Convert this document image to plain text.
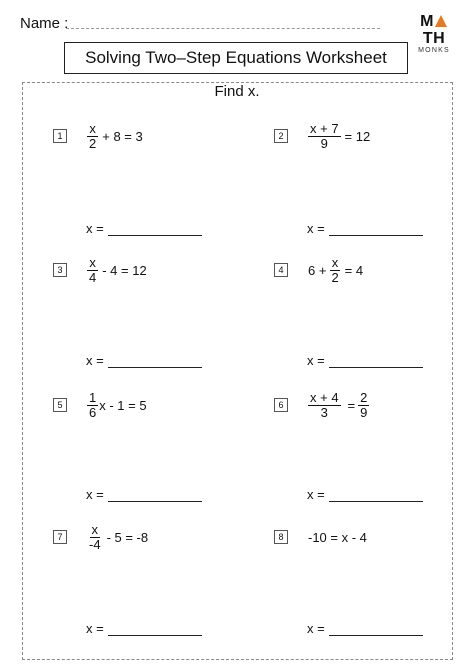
Name :	MTH
MONKS
Solving Two–Step Equations Worksheet
Find x.
1	$\frac{x}{2} + 8 = 3$
x =
2	$\frac{x + 7}{9} = 12$
x =
3	$\frac{x}{4} - 4 = 12$
x =
4	$6 + \frac{x}{2} = 4$
x =
5	$\frac{1}{6}$ x - 1 = 5
x =
6	$\frac{x + 4}{3} = \frac{2}{9}$
x =
7	$\frac{x}{-4} - 5 = -8$
x =
8	-10 = x - 4
x =
